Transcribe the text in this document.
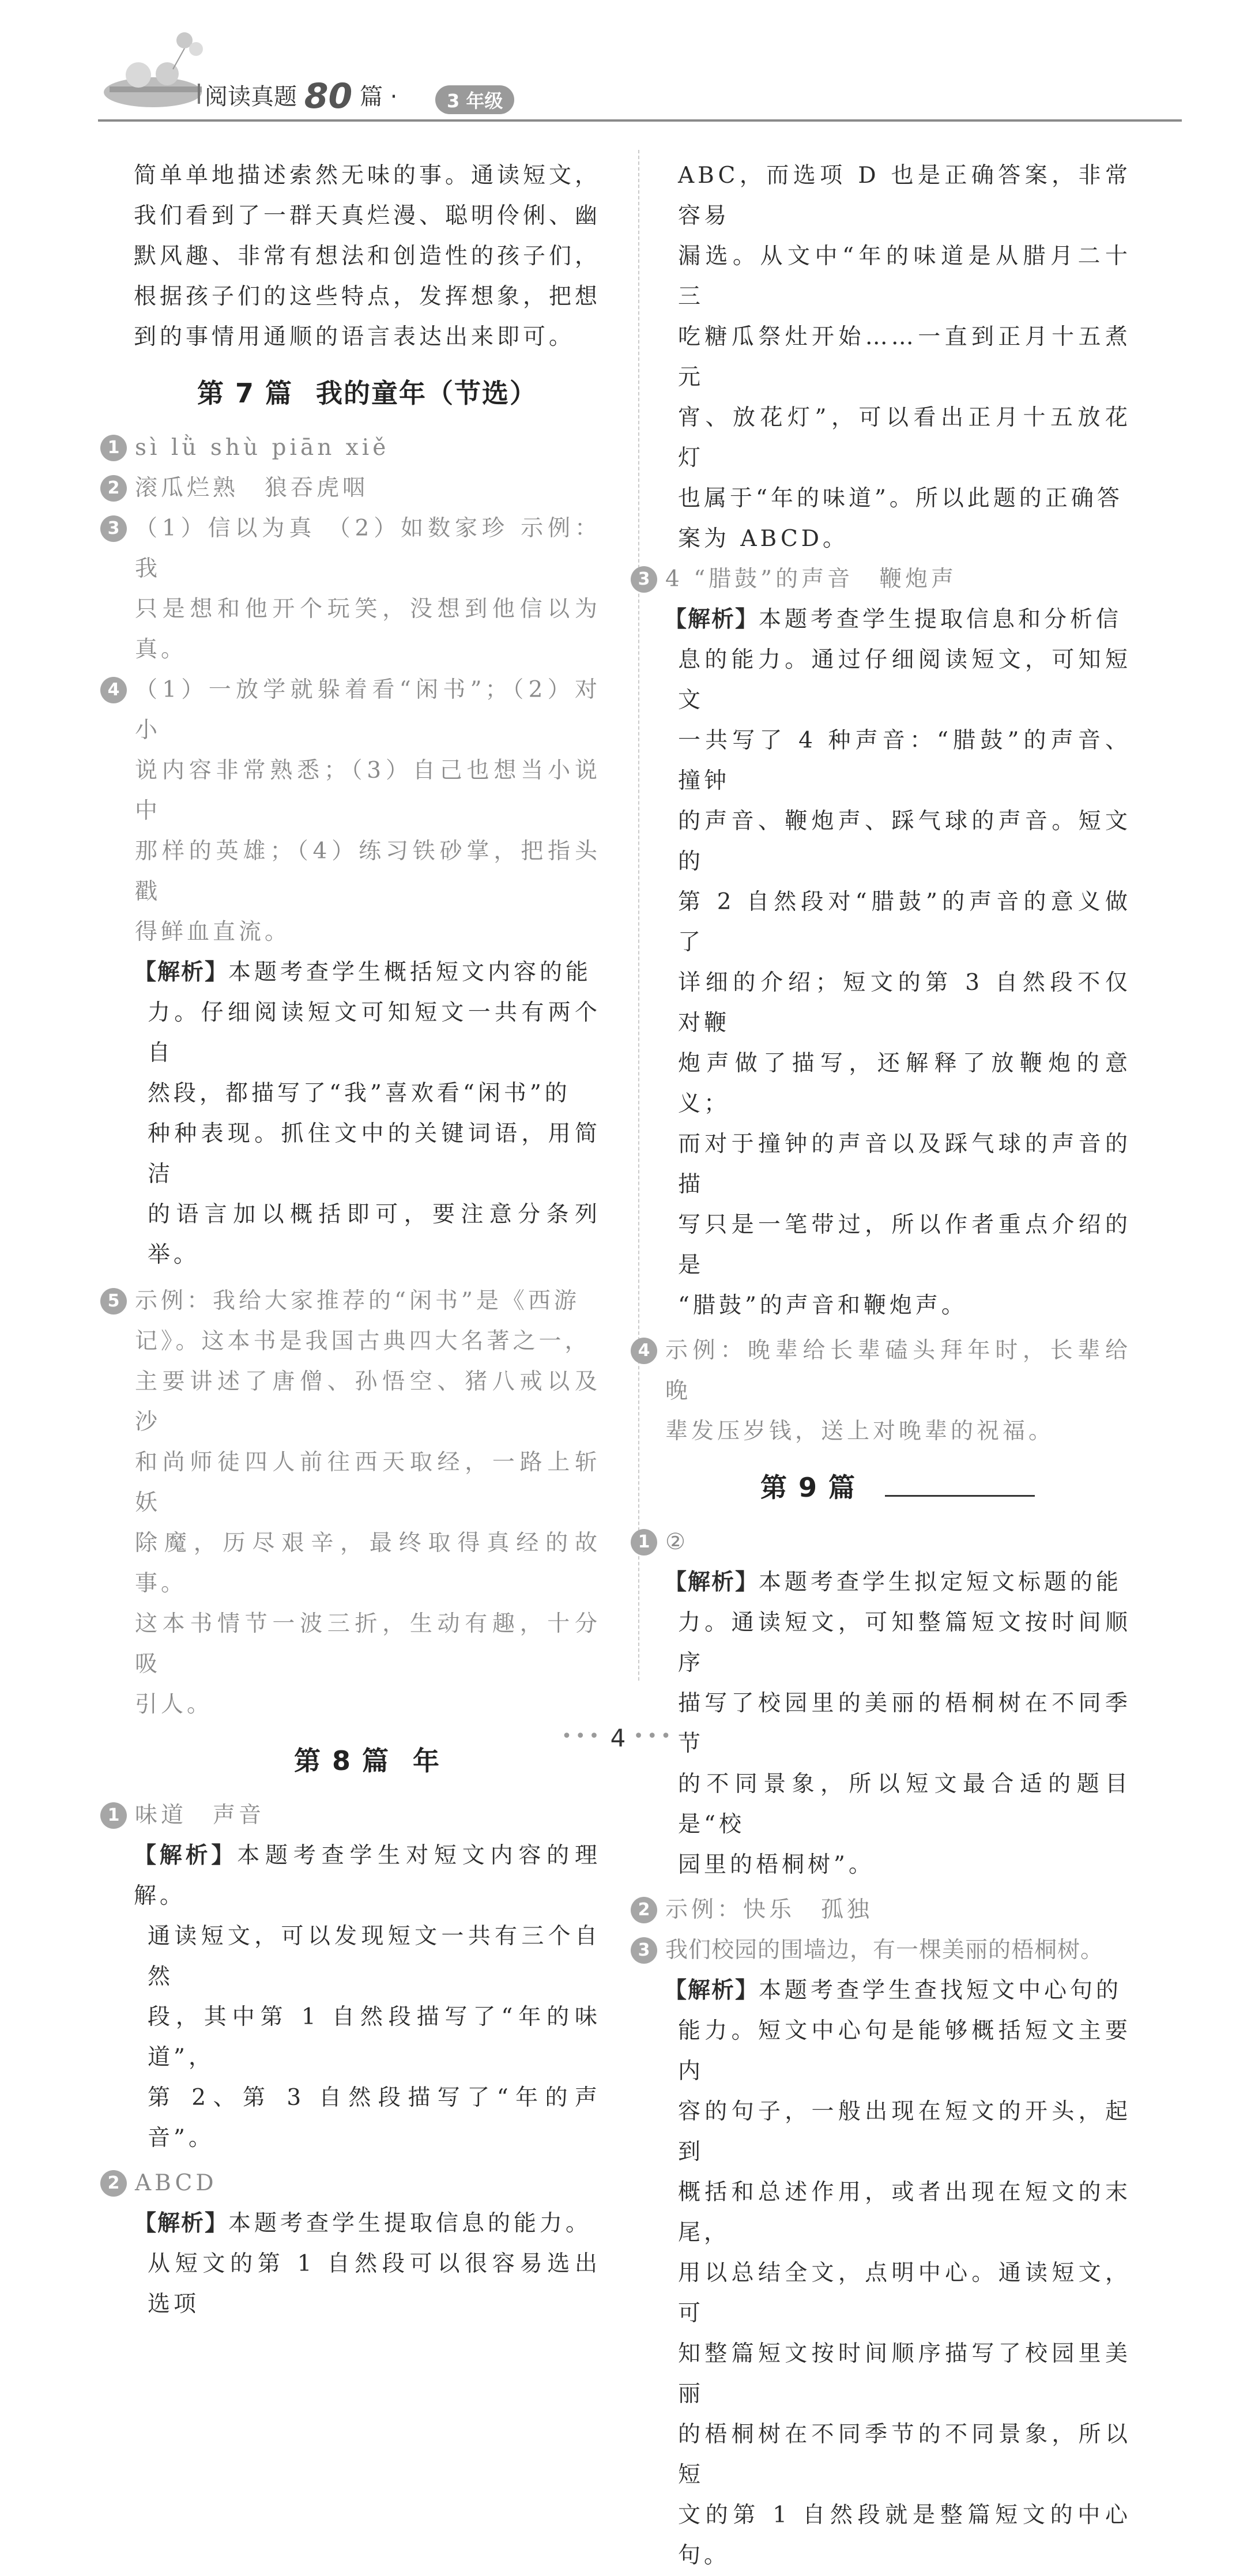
阅读真题 80 篇 ·	3 年级

简单单地描述索然无味的事。通读短文，

我们看到了一群天真烂漫、聪明伶俐、幽

默风趣、非常有想法和创造性的孩子们，

根据孩子们的这些特点，发挥想象，把想

到的事情用通顺的语言表达出来即可。

第 7 篇 我的童年（节选）
1 sì lǜ shù piān xiě

2 滚瓜烂熟　狼吞虎咽

3 （1）信以为真 （2）如数家珍 示例：我

只是想和他开个玩笑，没想到他信以为真。

4 （1）一放学就躲着看“闲书”；（2）对小

说内容非常熟悉；（3）自己也想当小说中

那样的英雄；（4）练习铁砂掌，把指头戳

得鲜血直流。

【解析】本题考查学生概括短文内容的能

力。仔细阅读短文可知短文一共有两个自

然段，都描写了“我”喜欢看“闲书”的

种种表现。抓住文中的关键词语，用简洁

的语言加以概括即可，要注意分条列举。

5 示例：我给大家推荐的“闲书”是《西游

记》。这本书是我国古典四大名著之一，

主要讲述了唐僧、孙悟空、猪八戒以及沙

和尚师徒四人前往西天取经，一路上斩妖

除魔，历尽艰辛，最终取得真经的故事。

这本书情节一波三折，生动有趣，十分吸

引人。

第 8 篇 年
1 味道　声音

【解析】本题考查学生对短文内容的理解。

通读短文，可以发现短文一共有三个自然

段，其中第 1 自然段描写了“年的味道”，

第 2、第 3 自然段描写了“年的声音”。

2 ABCD

【解析】本题考查学生提取信息的能力。

从短文的第 1 自然段可以很容易选出选项

ABC，而选项 D 也是正确答案，非常容易

漏选。从文中“年的味道是从腊月二十三

吃糖瓜祭灶开始……一直到正月十五煮元

宵、放花灯”，可以看出正月十五放花灯

也属于“年的味道”。所以此题的正确答

案为 ABCD。

3 4 “腊鼓”的声音　鞭炮声

【解析】本题考查学生提取信息和分析信

息的能力。通过仔细阅读短文，可知短文

一共写了 4 种声音：“腊鼓”的声音、撞钟

的声音、鞭炮声、踩气球的声音。短文的

第 2 自然段对“腊鼓”的声音的意义做了

详细的介绍；短文的第 3 自然段不仅对鞭

炮声做了描写，还解释了放鞭炮的意义；

而对于撞钟的声音以及踩气球的声音的描

写只是一笔带过，所以作者重点介绍的是

“腊鼓”的声音和鞭炮声。

4 示例：晚辈给长辈磕头拜年时，长辈给晚

辈发压岁钱，送上对晚辈的祝福。

第 9 篇
1 ②

【解析】本题考查学生拟定短文标题的能

力。通读短文，可知整篇短文按时间顺序

描写了校园里的美丽的梧桐树在不同季节

的不同景象，所以短文最合适的题目是“校

园里的梧桐树”。

2 示例：快乐　孤独

3 我们校园的围墙边，有一棵美丽的梧桐树。

【解析】本题考查学生查找短文中心句的

能力。短文中心句是能够概括短文主要内

容的句子，一般出现在短文的开头，起到

概括和总述作用，或者出现在短文的末尾，

用以总结全文，点明中心。通读短文，可

知整篇短文按时间顺序描写了校园里美丽

的梧桐树在不同季节的不同景象，所以短

文的第 1 自然段就是整篇短文的中心句。

••• 4 •••
